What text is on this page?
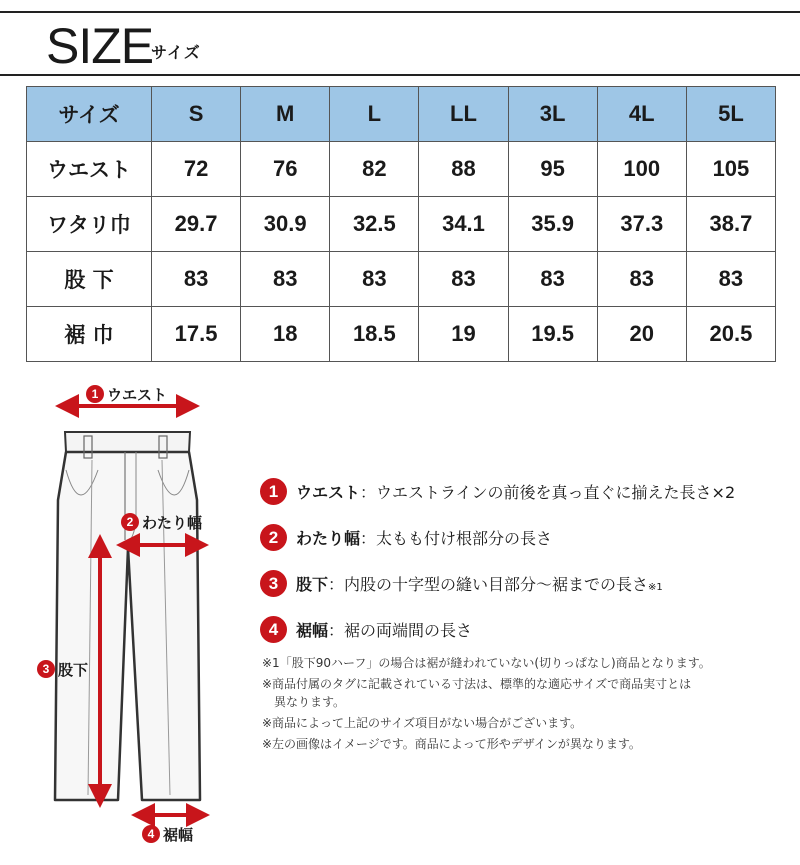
SIZE
サイズ
サイズ	S	M	L	LL	3L	4L	5L
ウエスト	72	76	82	88	95	100	105
ワタリ巾	29.7	30.9	32.5	34.1	35.9	37.3	38.7
股 下	83	83	83	83	83	83	83
裾 巾	17.5	18	18.5	19	19.5	20	20.5
1 ウエスト
2 わたり幅
3 股下
4 裾幅
1	ウエスト：ウエストラインの前後を真っ直ぐに揃えた長さ×2
2	わたり幅：太もも付け根部分の長さ
3	股下：内股の十字型の縫い目部分〜裾までの長さ※1
4	裾幅：裾の両端間の長さ

※1「股下90ハーフ」の場合は裾が縫われていない(切りっぱなし)商品となります。

※商品付属のタグに記載されている寸法は、標準的な適応サイズで商品実寸とは

異なります。

※商品によって上記のサイズ項目がない場合がございます。

※左の画像はイメージです。商品によって形やデザインが異なります。
